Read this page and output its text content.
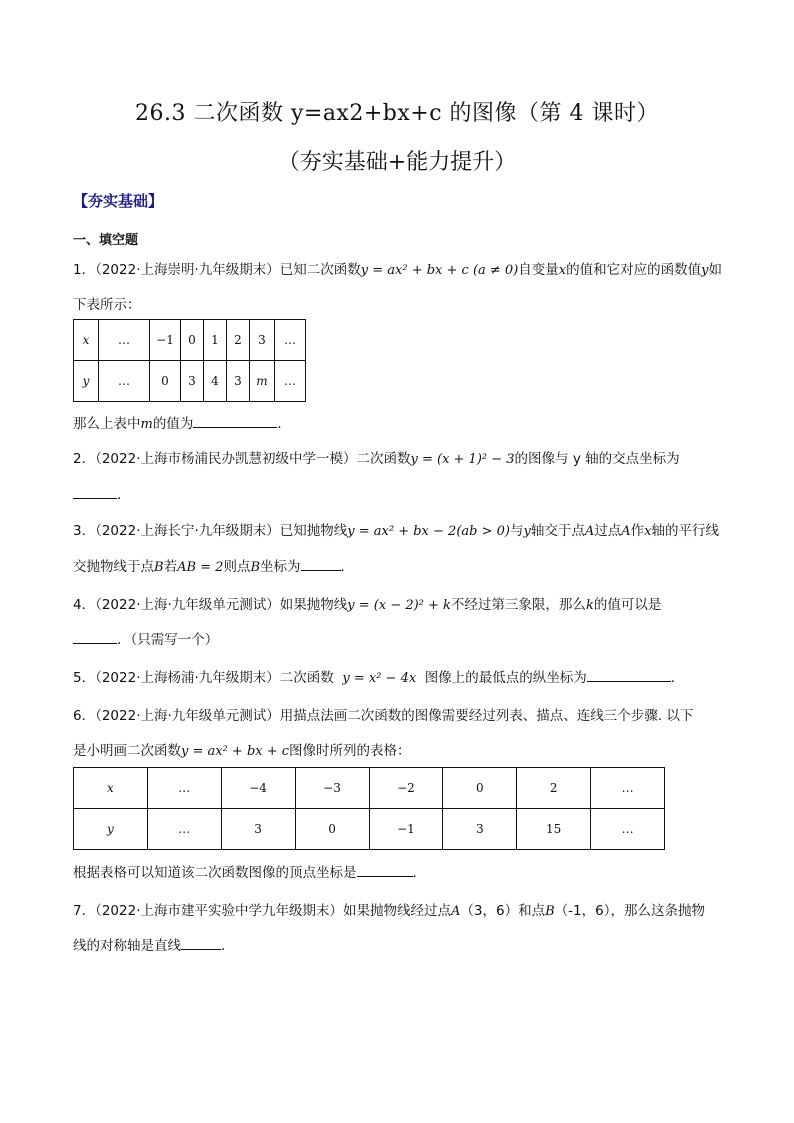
26.3 二次函数 y=ax2+bx+c 的图像（第 4 课时）
（夯实基础+能力提升）
【夯实基础】
一、填空题
1．（2022·上海崇明·九年级期末）已知二次函数y = ax² + bx + c (a ≠ 0)自变量x的值和它对应的函数值y如
下表所示：
x	…	−1	0	1	2	3	…
y	…	0	3	4	3	m	…
那么上表中m的值为	．
2．（2022·上海市杨浦民办凯慧初级中学一模）二次函数y = (x + 1)² − 3的图像与 y 轴的交点坐标为
．
3．（2022·上海长宁·九年级期末）已知抛物线y = ax² + bx − 2(ab > 0)与y轴交于点A过点A作x轴的平行线
交抛物线于点B若AB = 2则点B坐标为	．
4．（2022·上海·九年级单元测试）如果抛物线y = (x − 2)² + k不经过第三象限，那么k的值可以是
．（只需写一个）
5．（2022·上海杨浦·九年级期末）二次函数 y = x² − 4x 图像上的最低点的纵坐标为	．
6．（2022·上海·九年级单元测试）用描点法画二次函数的图像需要经过列表、描点、连线三个步骤. 以下
是小明画二次函数y = ax² + bx + c图像时所列的表格：
x	…	−4	−3	−2	0	2	…
y	…	3	0	−1	3	15	…
根据表格可以知道该二次函数图像的顶点坐标是	．
7．（2022·上海市建平实验中学九年级期末）如果抛物线经过点A（3，6）和点B（-1，6），那么这条抛物
线的对称轴是直线	．
